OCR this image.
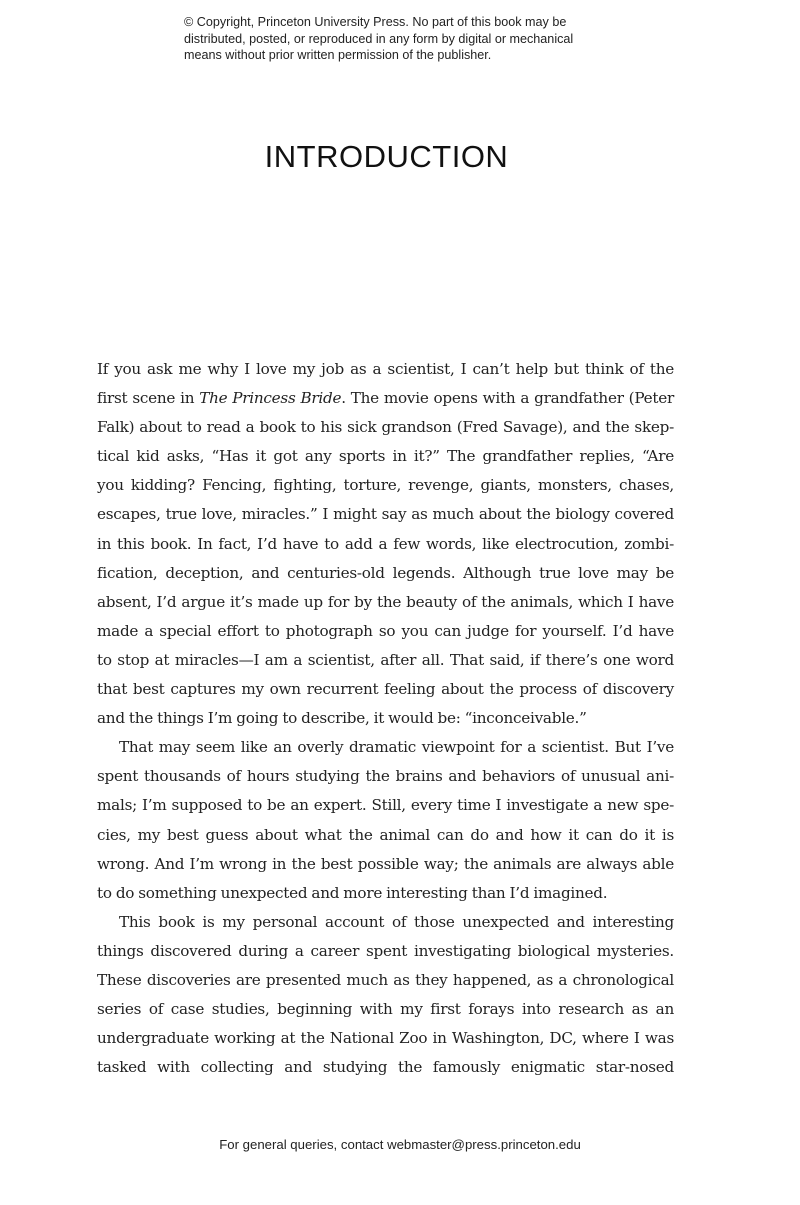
© Copyright, Princeton University Press. No part of this book may be
distributed, posted, or reproduced in any form by digital or mechanical
means without prior written permission of the publisher.
INTRODUCTION
If you ask me why I love my job as a scientist, I can’t help but think of the
first scene in The Princess Bride. The movie opens with a grandfather (Peter
Falk) about to read a book to his sick grandson (Fred Savage), and the skep-
tical kid asks, “Has it got any sports in it?” The grandfather replies, “Are
you kidding? Fencing, fighting, torture, revenge, giants, monsters, chases,
escapes, true love, miracles.” I might say as much about the biology covered
in this book. In fact, I’d have to add a few words, like electrocution, zombi-
fication, deception, and centuries-old legends. Although true love may be
absent, I’d argue it’s made up for by the beauty of the animals, which I have
made a special effort to photograph so you can judge for yourself. I’d have
to stop at miracles—I am a scientist, after all. That said, if there’s one word
that best captures my own recurrent feeling about the process of discovery
and the things I’m going to describe, it would be: “inconceivable.”
That may seem like an overly dramatic viewpoint for a scientist. But I’ve
spent thousands of hours studying the brains and behaviors of unusual ani-
mals; I’m supposed to be an expert. Still, every time I investigate a new spe-
cies, my best guess about what the animal can do and how it can do it is
wrong. And I’m wrong in the best possible way; the animals are always able
to do something unexpected and more interesting than I’d imagined.
This book is my personal account of those unexpected and interesting
things discovered during a career spent investigating biological mysteries.
These discoveries are presented much as they happened, as a chronological
series of case studies, beginning with my first forays into research as an
undergraduate working at the National Zoo in Washington, DC, where I was
tasked with collecting and studying the famously enigmatic star-nosed
For general queries, contact webmaster@press.princeton.edu
